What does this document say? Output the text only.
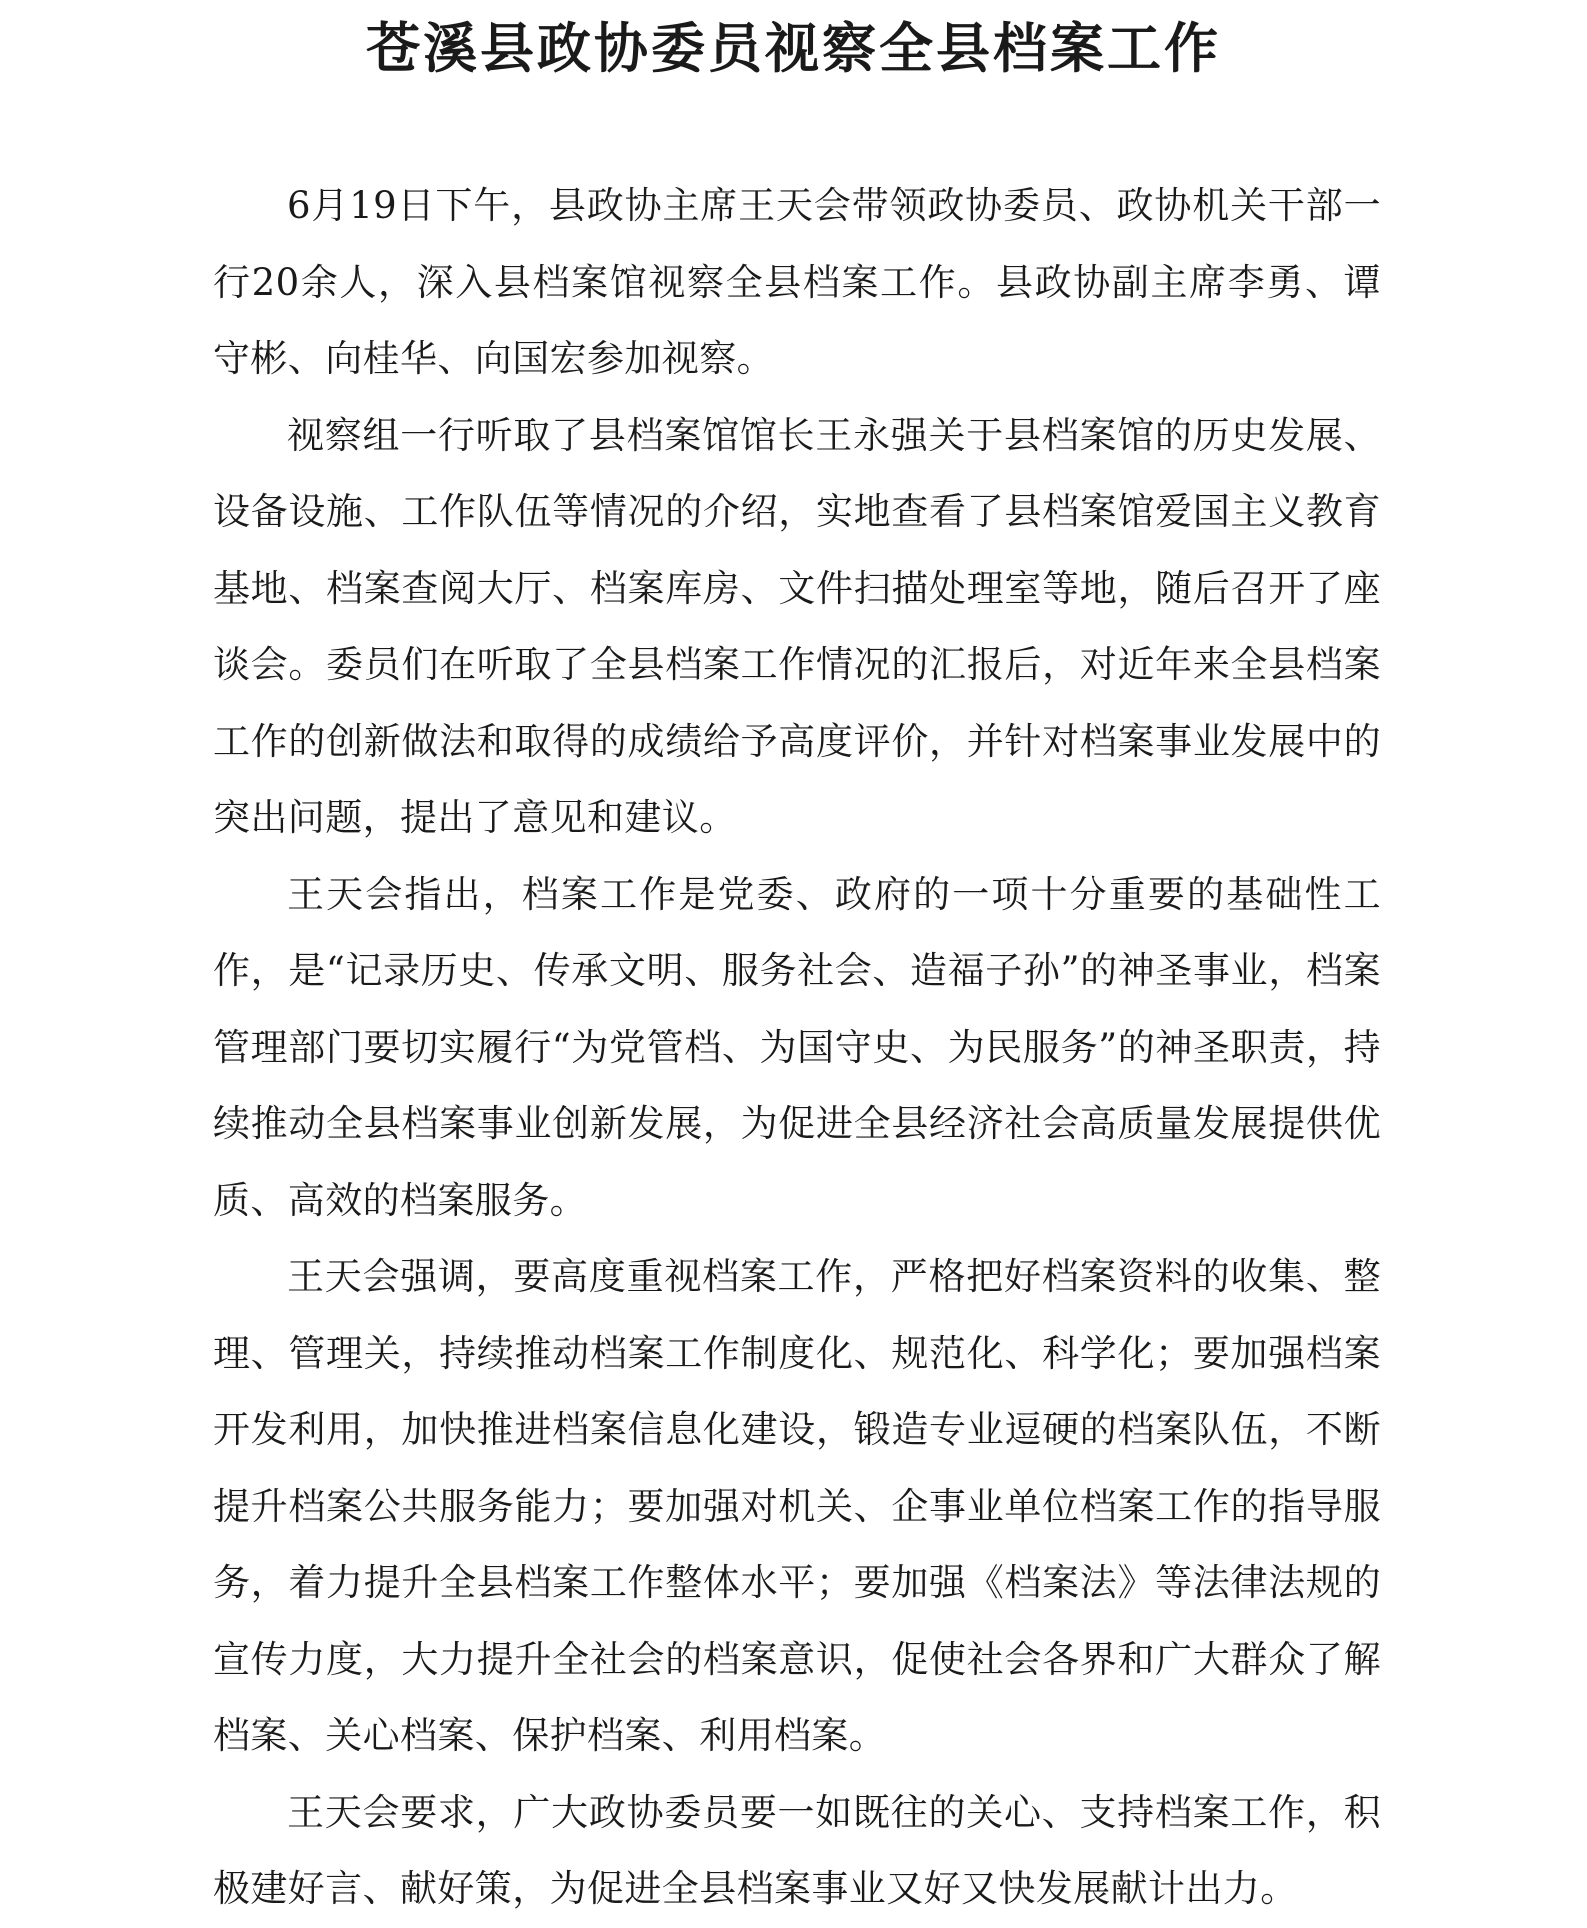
苍溪县政协委员视察全县档案工作

6月19日下午，县政协主席王天会带领政协委员、政协机关干部一行20余人，深入县档案馆视察全县档案工作。县政协副主席李勇、谭守彬、向桂华、向国宏参加视察。

视察组一行听取了县档案馆馆长王永强关于县档案馆的历史发展、设备设施、工作队伍等情况的介绍，实地查看了县档案馆爱国主义教育基地、档案查阅大厅、档案库房、文件扫描处理室等地，随后召开了座谈会。委员们在听取了全县档案工作情况的汇报后，对近年来全县档案工作的创新做法和取得的成绩给予高度评价，并针对档案事业发展中的突出问题，提出了意见和建议。

王天会指出，档案工作是党委、政府的一项十分重要的基础性工作，是“记录历史、传承文明、服务社会、造福子孙”的神圣事业，档案管理部门要切实履行“为党管档、为国守史、为民服务”的神圣职责，持续推动全县档案事业创新发展，为促进全县经济社会高质量发展提供优质、高效的档案服务。

王天会强调，要高度重视档案工作，严格把好档案资料的收集、整理、管理关，持续推动档案工作制度化、规范化、科学化；要加强档案开发利用，加快推进档案信息化建设，锻造专业逗硬的档案队伍，不断提升档案公共服务能力；要加强对机关、企事业单位档案工作的指导服务，着力提升全县档案工作整体水平；要加强《档案法》等法律法规的宣传力度，大力提升全社会的档案意识，促使社会各界和广大群众了解档案、关心档案、保护档案、利用档案。

王天会要求，广大政协委员要一如既往的关心、支持档案工作，积极建好言、献好策，为促进全县档案事业又好又快发展献计出力。
